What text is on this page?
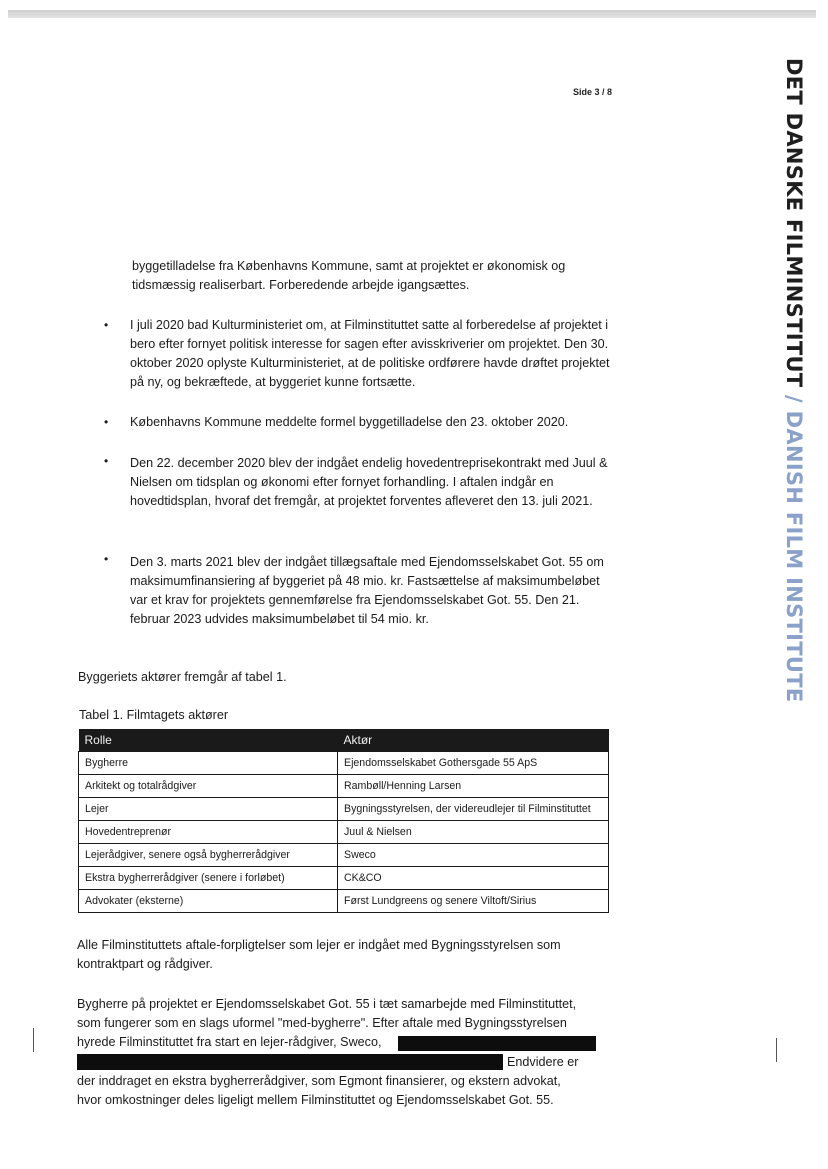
Side 3 / 8	DET DANSKE FILMINSTITUT / DANISH FILM INSTITUTE
byggetilladelse fra Københavns Kommune, samt at projektet er økonomisk og tidsmæssig realiserbart. Forberedende arbejde igangsættes.
• I juli 2020 bad Kulturministeriet om, at Filminstituttet satte al forberedelse af projektet i bero efter fornyet politisk interesse for sagen efter avisskriverier om projektet. Den 30. oktober 2020 oplyste Kulturministeriet, at de politiske ordførere havde drøftet projektet på ny, og bekræftede, at byggeriet kunne fortsætte.
• Københavns Kommune meddelte formel byggetilladelse den 23. oktober 2020.
• Den 22. december 2020 blev der indgået endelig hovedentreprisekontrakt med Juul & Nielsen om tidsplan og økonomi efter fornyet forhandling. I aftalen indgår en hovedtidsplan, hvoraf det fremgår, at projektet forventes afleveret den 13. juli 2021.
• Den 3. marts 2021 blev der indgået tillægsaftale med Ejendomsselskabet Got. 55 om maksimumfinansiering af byggeriet på 48 mio. kr. Fastsættelse af maksimumbeløbet var et krav for projektets gennemførelse fra Ejendomsselskabet Got. 55. Den 21. februar 2023 udvides maksimumbeløbet til 54 mio. kr.
Byggeriets aktører fremgår af tabel 1.
Tabel 1. Filmtagets aktører
Rolle	Aktør
Bygherre	Ejendomsselskabet Gothersgade 55 ApS
Arkitekt og totalrådgiver	Rambøll/Henning Larsen
Lejer	Bygningsstyrelsen, der videreudlejer til Filminstituttet
Hovedentreprenør	Juul & Nielsen
Lejerådgiver, senere også bygherrerådgiver	Sweco
Ekstra bygherrerådgiver (senere i forløbet)	CK&CO
Advokater (eksterne)	Først Lundgreens og senere Viltoft/Sirius
Alle Filminstituttets aftale-forpligtelser som lejer er indgået med Bygningsstyrelsen som kontraktpart og rådgiver.
Bygherre på projektet er Ejendomsselskabet Got. 55 i tæt samarbejde med Filminstituttet,
som fungerer som en slags uformel "med-bygherre". Efter aftale med Bygningsstyrelsen
hyrede Filminstituttet fra start en lejer-rådgiver, Sweco,
Endvidere er
der inddraget en ekstra bygherrerådgiver, som Egmont finansierer, og ekstern advokat,
hvor omkostninger deles ligeligt mellem Filminstituttet og Ejendomsselskabet Got. 55.
